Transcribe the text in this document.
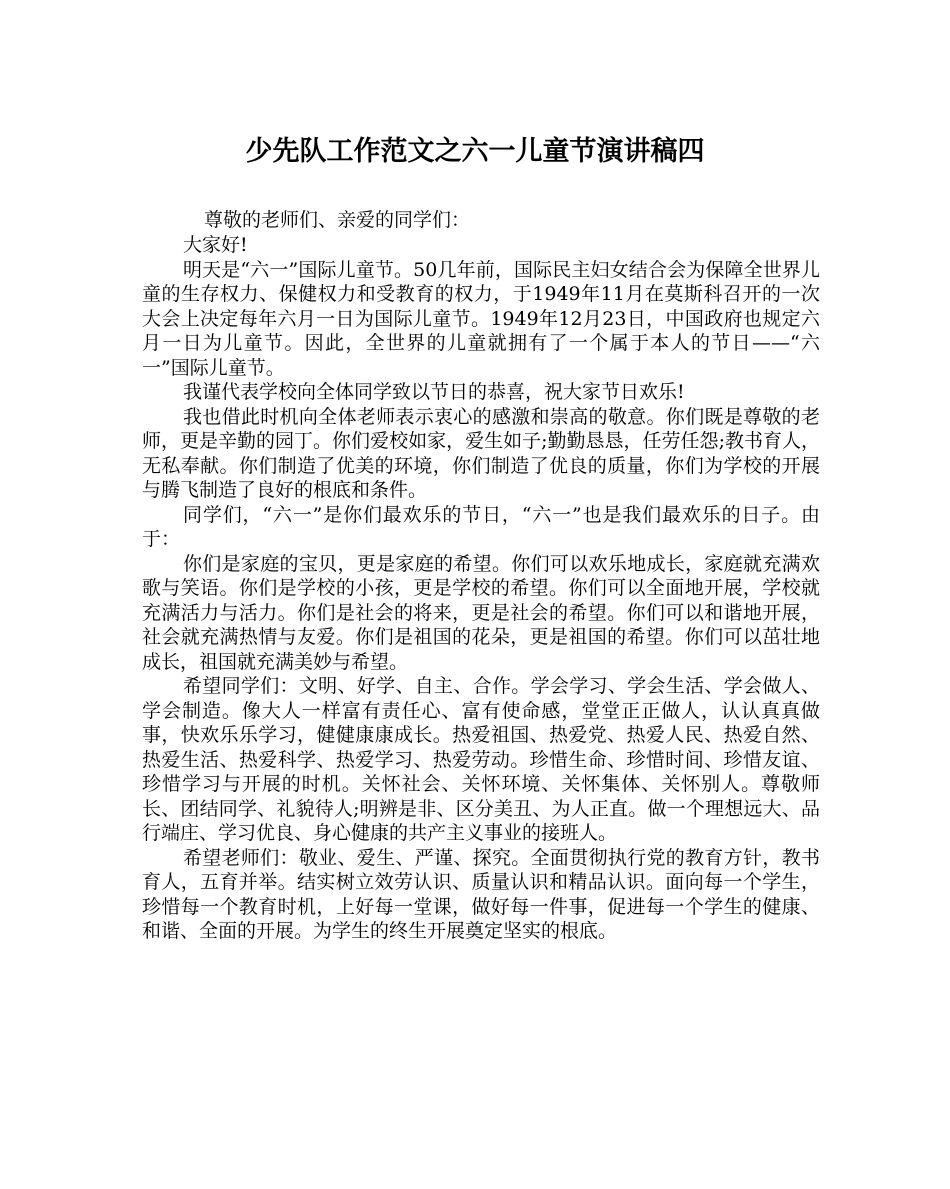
少先队工作范文之六一儿童节演讲稿四

尊敬的老师们、亲爱的同学们：

大家好!

明天是“六一”国际儿童节。50几年前，国际民主妇女结合会为保障全世界儿童的生存权力、保健权力和受教育的权力，于1949年11月在莫斯科召开的一次大会上决定每年六月一日为国际儿童节。1949年12月23日，中国政府也规定六月一日为儿童节。因此，全世界的儿童就拥有了一个属于本人的节日——“六一”国际儿童节。

我谨代表学校向全体同学致以节日的恭喜，祝大家节日欢乐!

我也借此时机向全体老师表示衷心的感激和崇高的敬意。你们既是尊敬的老师，更是辛勤的园丁。你们爱校如家，爱生如子;勤勤恳恳，任劳任怨;教书育人，无私奉献。你们制造了优美的环境，你们制造了优良的质量，你们为学校的开展与腾飞制造了良好的根底和条件。

同学们，“六一”是你们最欢乐的节日，“六一”也是我们最欢乐的日子。由于：

你们是家庭的宝贝，更是家庭的希望。你们可以欢乐地成长，家庭就充满欢歌与笑语。你们是学校的小孩，更是学校的希望。你们可以全面地开展，学校就充满活力与活力。你们是社会的将来，更是社会的希望。你们可以和谐地开展，社会就充满热情与友爱。你们是祖国的花朵，更是祖国的希望。你们可以茁壮地成长，祖国就充满美妙与希望。

希望同学们：文明、好学、自主、合作。学会学习、学会生活、学会做人、学会制造。像大人一样富有责任心、富有使命感，堂堂正正做人，认认真真做事，快欢乐乐学习，健健康康成长。热爱祖国、热爱党、热爱人民、热爱自然、热爱生活、热爱科学、热爱学习、热爱劳动。珍惜生命、珍惜时间、珍惜友谊、珍惜学习与开展的时机。关怀社会、关怀环境、关怀集体、关怀别人。尊敬师长、团结同学、礼貌待人;明辨是非、区分美丑、为人正直。做一个理想远大、品行端庄、学习优良、身心健康的共产主义事业的接班人。

希望老师们：敬业、爱生、严谨、探究。全面贯彻执行党的教育方针，教书育人，五育并举。结实树立效劳认识、质量认识和精品认识。面向每一个学生，珍惜每一个教育时机，上好每一堂课，做好每一件事，促进每一个学生的健康、和谐、全面的开展。为学生的终生开展奠定坚实的根底。
